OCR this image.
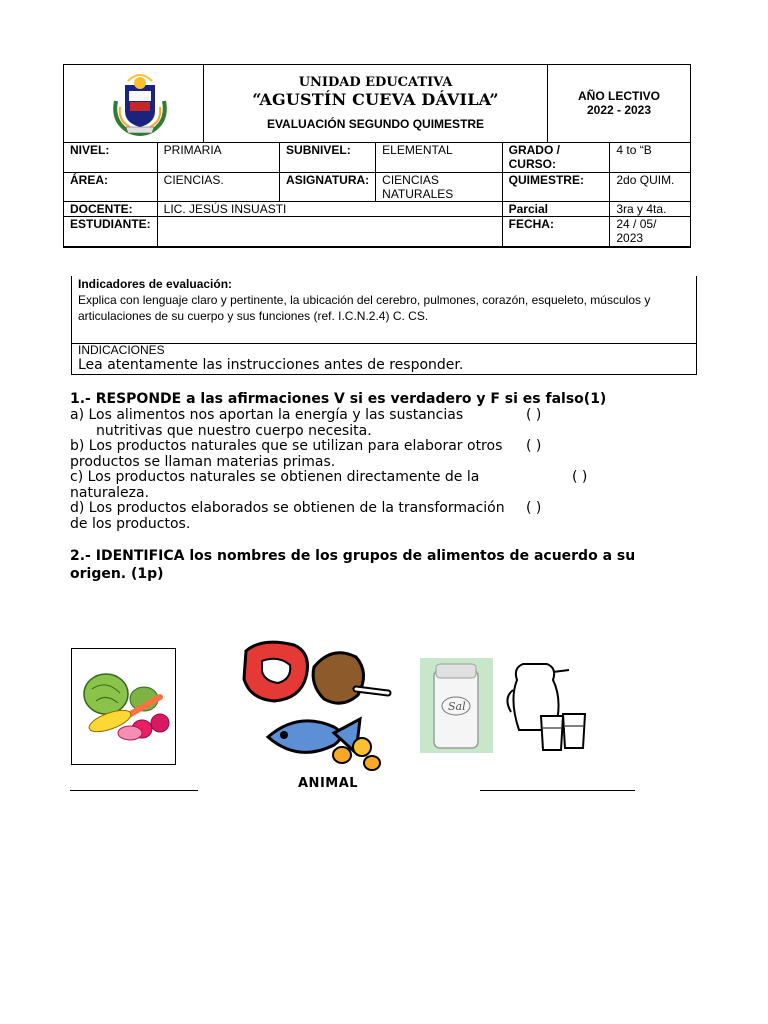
UNIDAD EDUCATIVA
“AGUSTÍN CUEVA DÁVILA”
EVALUACIÓN SEGUNDO QUIMESTRE
AÑO LECTIVO
2022 - 2023
NIVEL:	PRIMARIA	SUBNIVEL:	ELEMENTAL	GRADO / CURSO:	4 to “B
ÁREA:	CIENCIAS.	ASIGNATURA:	CIENCIAS NATURALES	QUIMESTRE:	2do QUIM.
DOCENTE:	LIC. JESÚS INSUASTI			Parcial	3ra y 4ta.
ESTUDIANTE:				FECHA:	24 / 05/ 2023
Indicadores de evaluación:
Explica con lenguaje claro y pertinente, la ubicación del cerebro, pulmones, corazón, esqueleto, músculos y articulaciones de su cuerpo y sus funciones (ref. I.C.N.2.4) C. CS.
INDICACIONES
Lea atentamente las instrucciones antes de responder.
1.- RESPONDE a las afirmaciones V si es verdadero y F si es falso(1)
a) Los alimentos nos aportan la energía y las sustancias
nutritivas que nuestro cuerpo necesita.
( )
b) Los productos naturales que se utilizan para elaborar otros
productos se llaman materias primas.
( )
c) Los productos naturales se obtienen directamente de la
naturaleza.
( )
d) Los productos elaborados se obtienen de la transformación
de los productos.
( )
2.- IDENTIFICA los nombres de los grupos de alimentos de acuerdo a su
origen. (1p)
Sal
ANIMAL
